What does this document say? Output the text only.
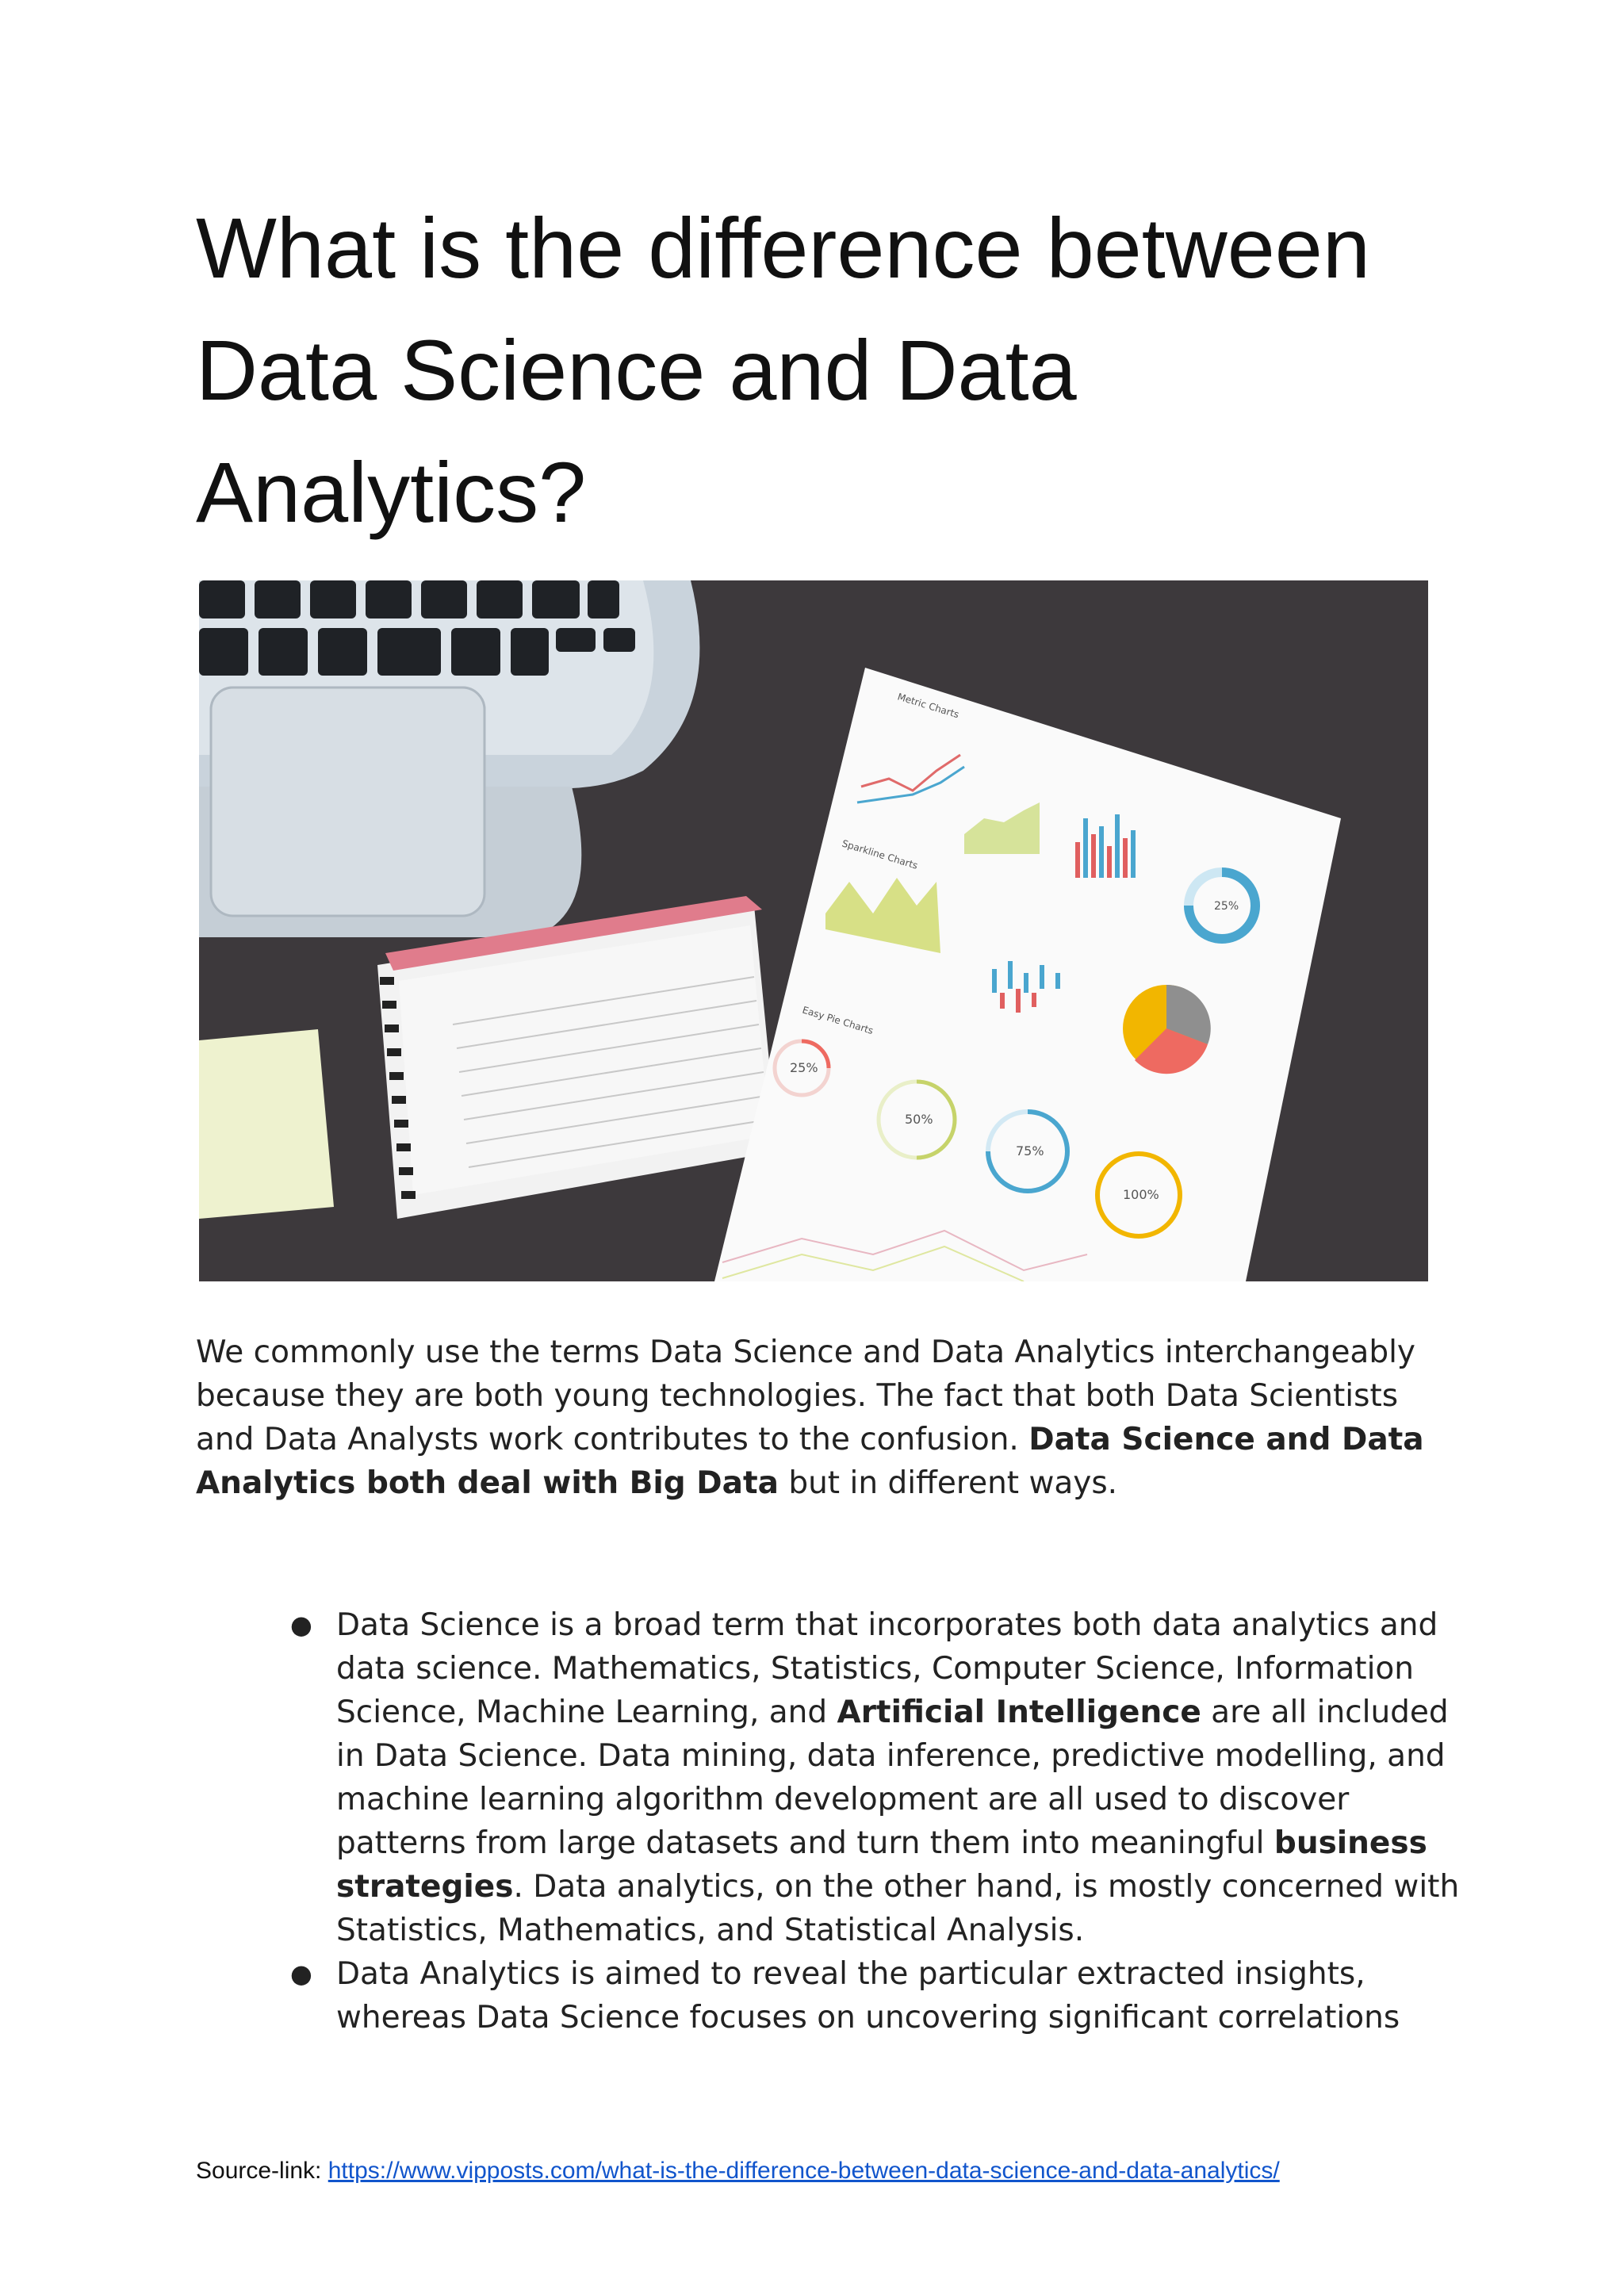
What is the difference between Data Science and Data Analytics?
Metric Charts
25%
Sparkline Charts
Easy Pie Charts
25%
50%
75%
100%

We commonly use the terms Data Science and Data Analytics interchangeably because they are both young technologies. The fact that both Data Scientists and Data Analysts work contributes to the confusion. Data Science and Data Analytics both deal with Big Data but in different ways.

● Data Science is a broad term that incorporates both data analytics and data science. Mathematics, Statistics, Computer Science, Information Science, Machine Learning, and Artificial Intelligence are all included in Data Science. Data mining, data inference, predictive modelling, and machine learning algorithm development are all used to discover patterns from large datasets and turn them into meaningful business strategies. Data analytics, on the other hand, is mostly concerned with Statistics, Mathematics, and Statistical Analysis.
● Data Analytics is aimed to reveal the particular extracted insights, whereas Data Science focuses on uncovering significant correlations
Source-link: https://www.vipposts.com/what-is-the-difference-between-data-science-and-data-analytics/
